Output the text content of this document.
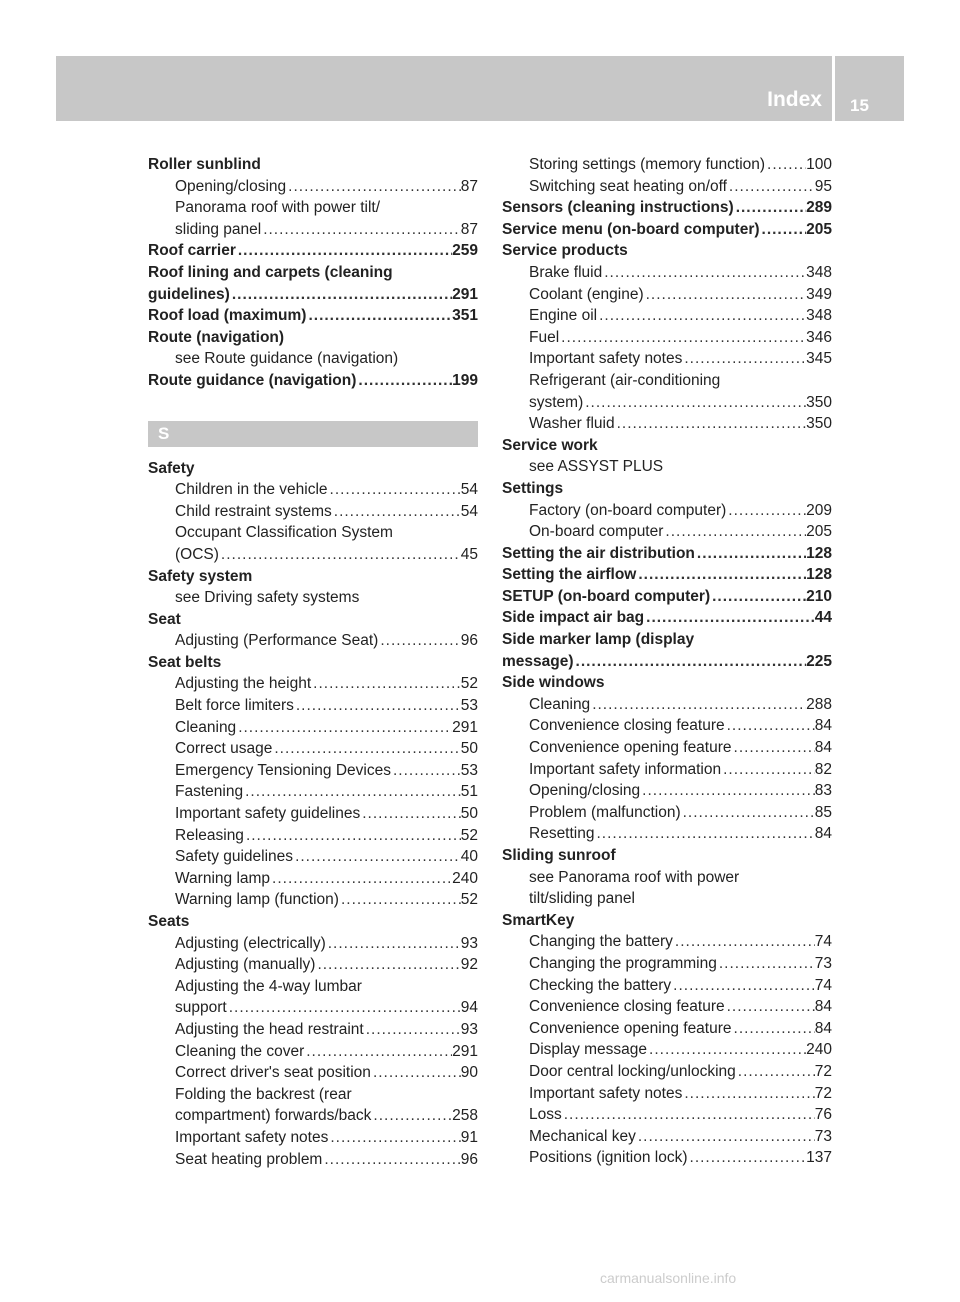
Index 15
Roller sunblind
Opening/closing .....	87
Panorama roof with power tilt/
sliding panel .....	87
Roof carrier .....	259
Roof lining and carpets (cleaning
guidelines) .....	291
Roof load (maximum) .....	351
Route (navigation)
see Route guidance (navigation)
Route guidance (navigation) .....	199
S
Safety
Children in the vehicle .....	54
Child restraint systems .....	54
Occupant Classification System
(OCS) .....	45
Safety system
see Driving safety systems
Seat
Adjusting (Performance Seat) .....	96
Seat belts
Adjusting the height .....	52
Belt force limiters .....	53
Cleaning .....	291
Correct usage .....	50
Emergency Tensioning Devices .....	53
Fastening .....	51
Important safety guidelines .....	50
Releasing .....	52
Safety guidelines .....	40
Warning lamp .....	240
Warning lamp (function) .....	52
Seats
Adjusting (electrically) .....	93
Adjusting (manually) .....	92
Adjusting the 4-way lumbar
support .....	94
Adjusting the head restraint .....	93
Cleaning the cover .....	291
Correct driver's seat position .....	90
Folding the backrest (rear
compartment) forwards/back .....	258
Important safety notes .....	91
Seat heating problem .....	96
Storing settings (memory function) .....	100
Switching seat heating on/off .....	95
Sensors (cleaning instructions) .....	289
Service menu (on-board computer) .....	205
Service products
Brake fluid .....	348
Coolant (engine) .....	349
Engine oil .....	348
Fuel .....	346
Important safety notes .....	345
Refrigerant (air-conditioning
system) .....	350
Washer fluid .....	350
Service work
see ASSYST PLUS
Settings
Factory (on-board computer) .....	209
On-board computer .....	205
Setting the air distribution .....	128
Setting the airflow .....	128
SETUP (on-board computer) .....	210
Side impact air bag .....	44
Side marker lamp (display
message) .....	225
Side windows
Cleaning .....	288
Convenience closing feature .....	84
Convenience opening feature .....	84
Important safety information .....	82
Opening/closing .....	83
Problem (malfunction) .....	85
Resetting .....	84
Sliding sunroof
see Panorama roof with power
tilt/sliding panel
SmartKey
Changing the battery .....	74
Changing the programming .....	73
Checking the battery .....	74
Convenience closing feature .....	84
Convenience opening feature .....	84
Display message .....	240
Door central locking/unlocking .....	72
Important safety notes .....	72
Loss .....	76
Mechanical key .....	73
Positions (ignition lock) .....	137
carmanualsonline.info
